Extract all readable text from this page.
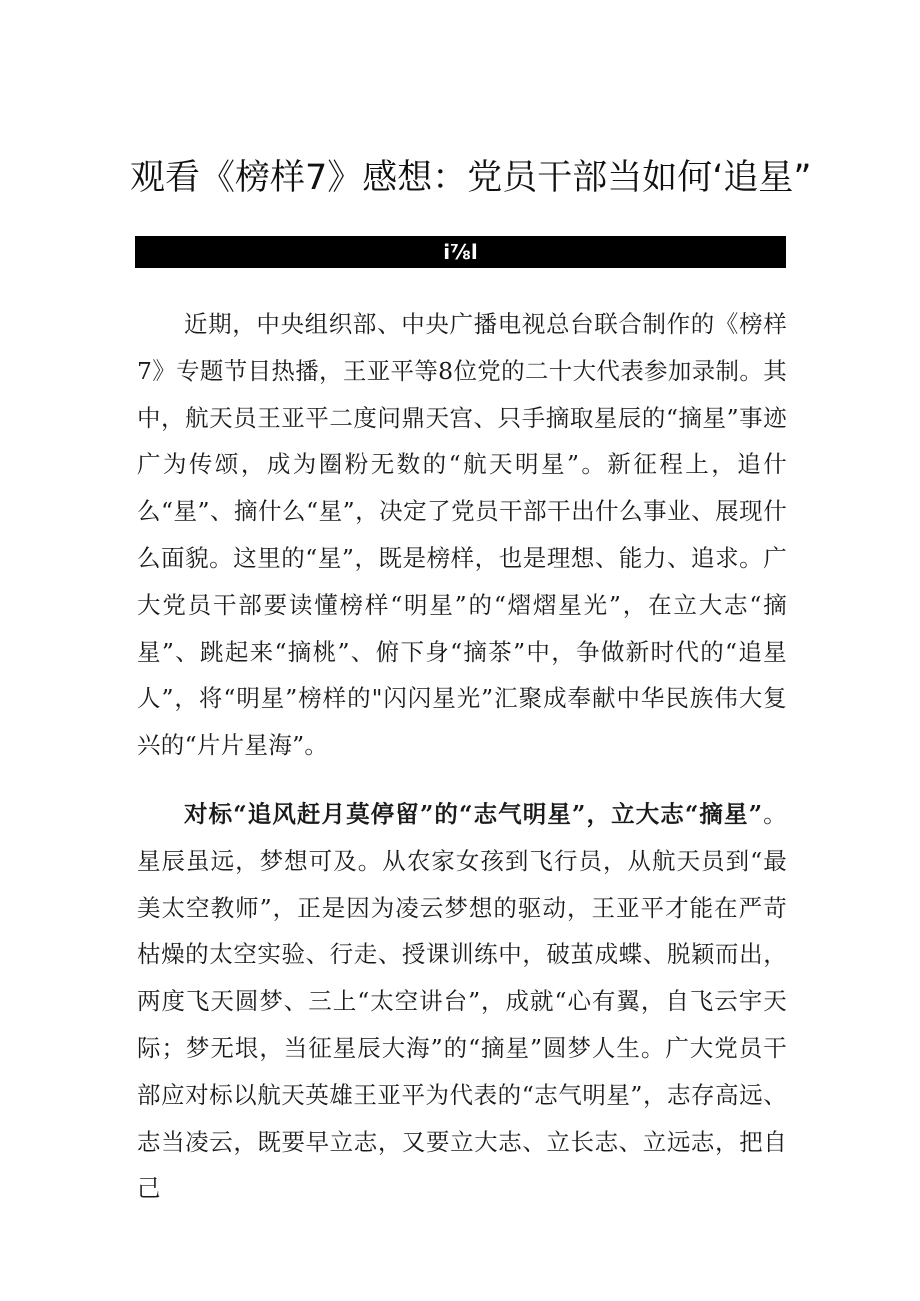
观看《榜样7》感想：党员干部当如何‘追星”
i⅞l

近期，中央组织部、中央广播电视总台联合制作的《榜样7》专题节目热播，王亚平等8位党的二十大代表参加录制。其中，航天员王亚平二度问鼎天宫、只手摘取星辰的“摘星”事迹广为传颂，成为圈粉无数的“航天明星”。新征程上，追什么“星”、摘什么“星”，决定了党员干部干出什么事业、展现什么面貌。这里的“星”，既是榜样，也是理想、能力、追求。广大党员干部要读懂榜样“明星”的“熠熠星光”，在立大志“摘星”、跳起来“摘桃”、俯下身“摘茶”中，争做新时代的“追星人”，将“明星”榜样的"闪闪星光”汇聚成奉献中华民族伟大复兴的“片片星海”。

对标“追风赶月莫停留”的“志气明星”，立大志“摘星”。星辰虽远，梦想可及。从农家女孩到飞行员，从航天员到“最美太空教师”，正是因为凌云梦想的驱动，王亚平才能在严苛枯燥的太空实验、行走、授课训练中，破茧成蝶、脱颖而出，两度飞天圆梦、三上“太空讲台”，成就“心有翼，自飞云宇天际；梦无垠，当征星辰大海”的“摘星”圆梦人生。广大党员干部应对标以航天英雄王亚平为代表的“志气明星”，志存高远、志当凌云，既要早立志，又要立大志、立长志、立远志，把自己
